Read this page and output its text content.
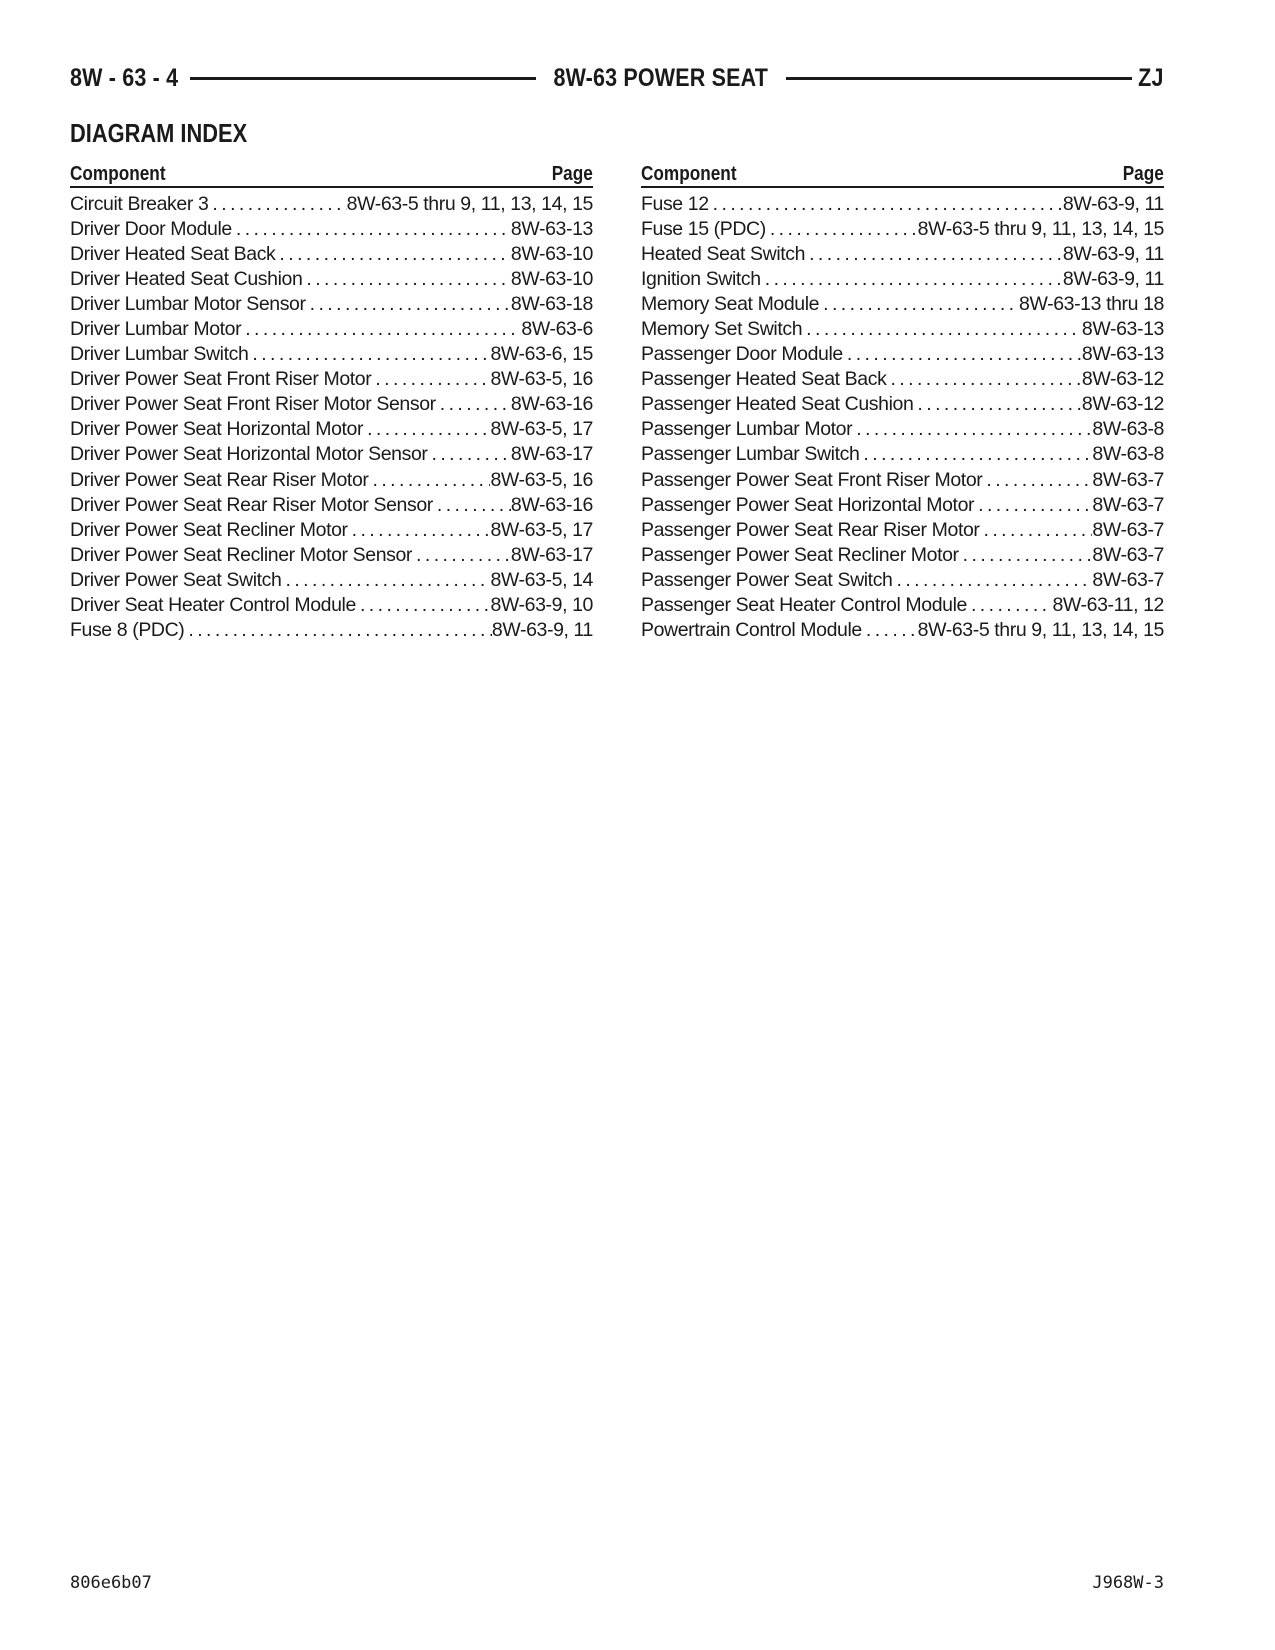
8W - 63 - 4	8W-63 POWER SEAT	ZJ
DIAGRAM INDEX
Component	Page
Circuit Breaker 3 . . .	8W-63-5 thru 9, 11, 13, 14, 15
Driver Door Module . . .	8W-63-13
Driver Heated Seat Back . . .	8W-63-10
Driver Heated Seat Cushion . . .	8W-63-10
Driver Lumbar Motor Sensor . . .	8W-63-18
Driver Lumbar Motor . . .	8W-63-6
Driver Lumbar Switch . . .	8W-63-6, 15
Driver Power Seat Front Riser Motor . . .	8W-63-5, 16
Driver Power Seat Front Riser Motor Sensor . . .	8W-63-16
Driver Power Seat Horizontal Motor . . .	8W-63-5, 17
Driver Power Seat Horizontal Motor Sensor . . .	8W-63-17
Driver Power Seat Rear Riser Motor . . .	8W-63-5, 16
Driver Power Seat Rear Riser Motor Sensor . . .	8W-63-16
Driver Power Seat Recliner Motor . . .	8W-63-5, 17
Driver Power Seat Recliner Motor Sensor . . .	8W-63-17
Driver Power Seat Switch . . .	8W-63-5, 14
Driver Seat Heater Control Module . . .	8W-63-9, 10
Fuse 8 (PDC) . . .	8W-63-9, 11
Component	Page
Fuse 12 . . .	8W-63-9, 11
Fuse 15 (PDC) . . .	8W-63-5 thru 9, 11, 13, 14, 15
Heated Seat Switch . . .	8W-63-9, 11
Ignition Switch . . .	8W-63-9, 11
Memory Seat Module . . .	8W-63-13 thru 18
Memory Set Switch . . .	8W-63-13
Passenger Door Module . . .	8W-63-13
Passenger Heated Seat Back . . .	8W-63-12
Passenger Heated Seat Cushion . . .	8W-63-12
Passenger Lumbar Motor . . .	8W-63-8
Passenger Lumbar Switch . . .	8W-63-8
Passenger Power Seat Front Riser Motor . . .	8W-63-7
Passenger Power Seat Horizontal Motor . . .	8W-63-7
Passenger Power Seat Rear Riser Motor . . .	8W-63-7
Passenger Power Seat Recliner Motor . . .	8W-63-7
Passenger Power Seat Switch . . .	8W-63-7
Passenger Seat Heater Control Module . . .	8W-63-11, 12
Powertrain Control Module . . .	8W-63-5 thru 9, 11, 13, 14, 15
806e6b07	J968W-3
